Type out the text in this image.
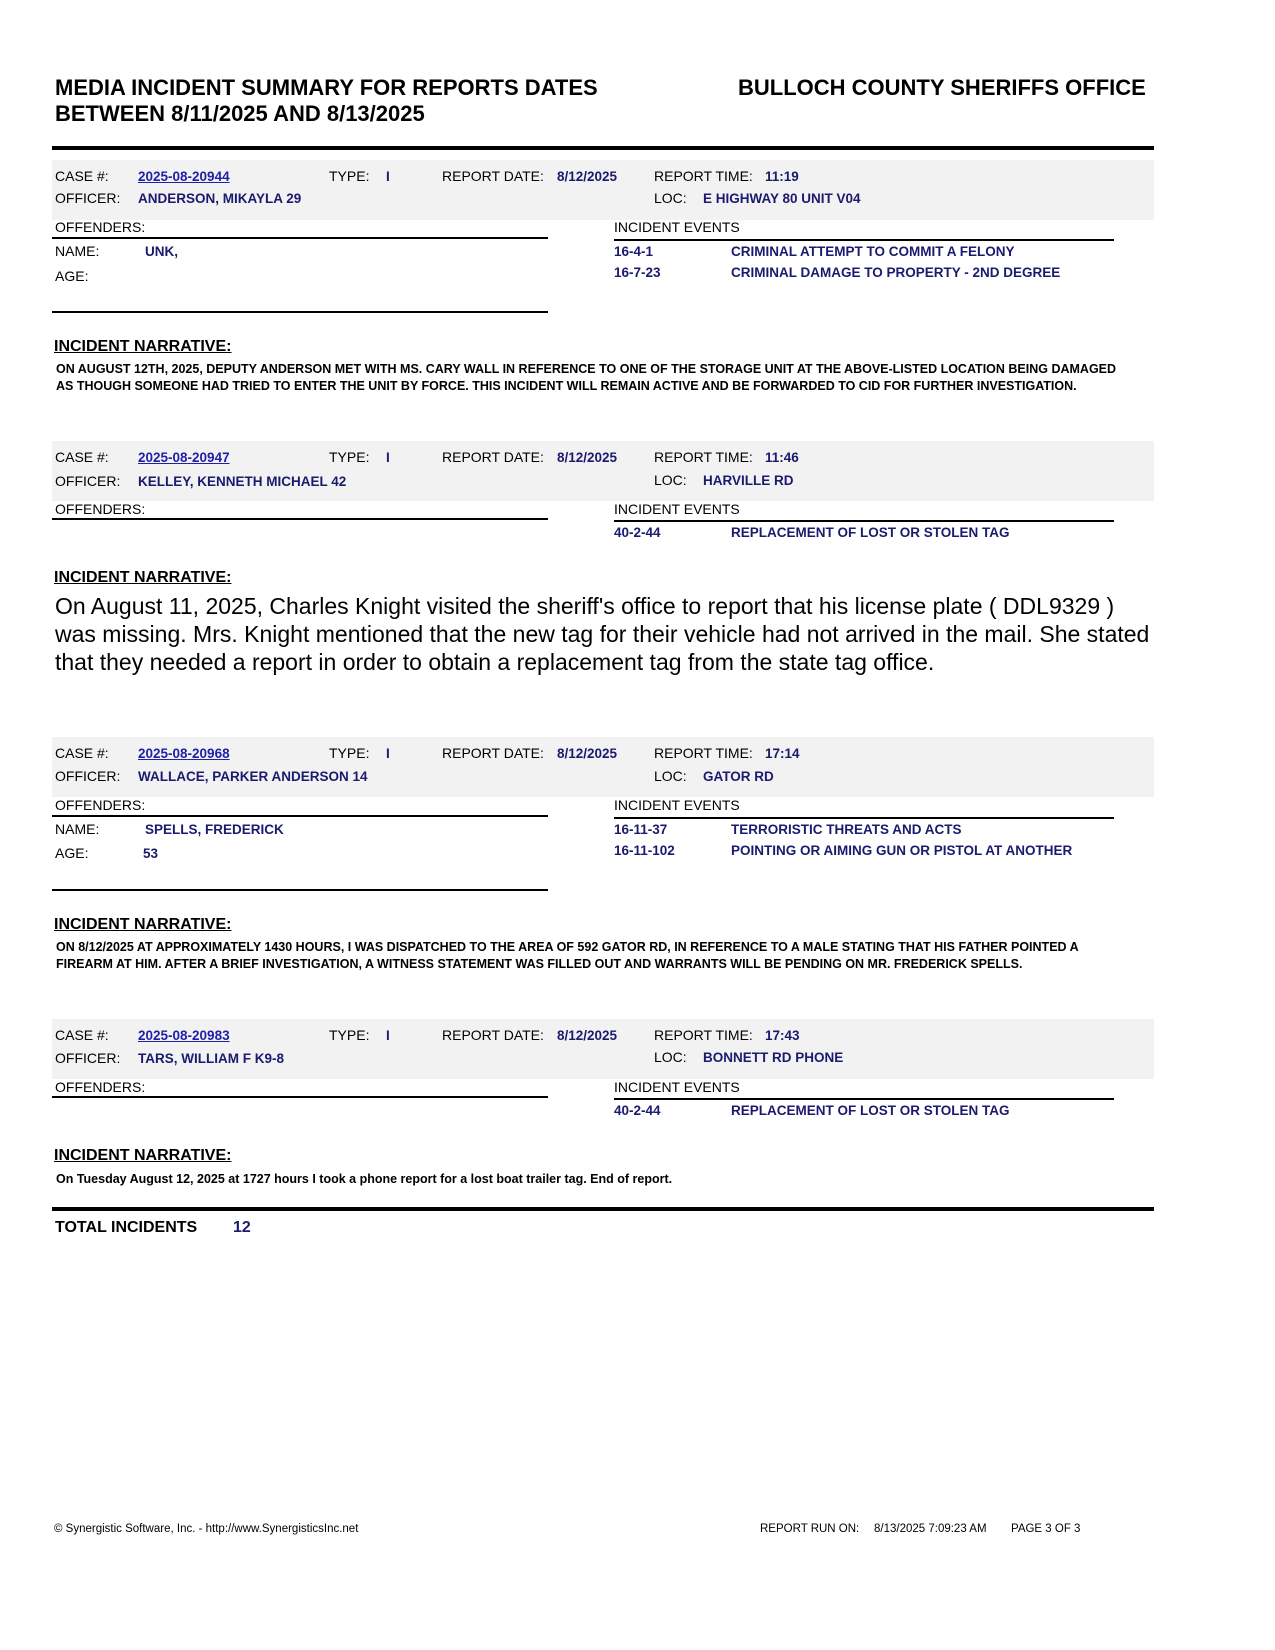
MEDIA INCIDENT SUMMARY FOR REPORTS DATES
BETWEEN 8/11/2025 AND 8/13/2025
BULLOCH COUNTY SHERIFFS OFFICE
CASE #: 2025-08-20944	TYPE: I	REPORT DATE: 8/12/2025	REPORT TIME: 11:19
OFFICER: ANDERSON, MIKAYLA 29	LOC: E HIGHWAY 80 UNIT V04
OFFENDERS:	INCIDENT EVENTS
NAME:	UNK,
AGE:
16-4-1	CRIMINAL ATTEMPT TO COMMIT A FELONY
16-7-23	CRIMINAL DAMAGE TO PROPERTY - 2ND DEGREE
INCIDENT NARRATIVE:
ON AUGUST 12TH, 2025, DEPUTY ANDERSON MET WITH MS. CARY WALL IN REFERENCE TO ONE OF THE STORAGE UNIT AT THE ABOVE-LISTED LOCATION BEING DAMAGED AS THOUGH SOMEONE HAD TRIED TO ENTER THE UNIT BY FORCE. THIS INCIDENT WILL REMAIN ACTIVE AND BE FORWARDED TO CID FOR FURTHER INVESTIGATION.
CASE #: 2025-08-20947	TYPE: I	REPORT DATE: 8/12/2025	REPORT TIME: 11:46
OFFICER: KELLEY, KENNETH MICHAEL 42	LOC: HARVILLE RD
OFFENDERS:	INCIDENT EVENTS
40-2-44	REPLACEMENT OF LOST OR STOLEN TAG
INCIDENT NARRATIVE:
On August 11, 2025, Charles Knight visited the sheriff's office to report that his license plate ( DDL9329 ) was missing. Mrs. Knight mentioned that the new tag for their vehicle had not arrived in the mail. She stated that they needed a report in order to obtain a replacement tag from the state tag office.
CASE #: 2025-08-20968	TYPE: I	REPORT DATE: 8/12/2025	REPORT TIME: 17:14
OFFICER: WALLACE, PARKER ANDERSON 14	LOC: GATOR RD
OFFENDERS:	INCIDENT EVENTS
NAME:	SPELLS, FREDERICK
AGE:	53
16-11-37	TERRORISTIC THREATS AND ACTS
16-11-102	POINTING OR AIMING GUN OR PISTOL AT ANOTHER
INCIDENT NARRATIVE:
ON 8/12/2025 AT APPROXIMATELY 1430 HOURS, I WAS DISPATCHED TO THE AREA OF 592 GATOR RD, IN REFERENCE TO A MALE STATING THAT HIS FATHER POINTED A FIREARM AT HIM. AFTER A BRIEF INVESTIGATION, A WITNESS STATEMENT WAS FILLED OUT AND WARRANTS WILL BE PENDING ON MR. FREDERICK SPELLS.
CASE #: 2025-08-20983	TYPE: I	REPORT DATE: 8/12/2025	REPORT TIME: 17:43
OFFICER: TARS, WILLIAM F K9-8	LOC: BONNETT RD PHONE
OFFENDERS:	INCIDENT EVENTS
40-2-44	REPLACEMENT OF LOST OR STOLEN TAG
INCIDENT NARRATIVE:
On Tuesday August 12, 2025 at 1727 hours I took a phone report for a lost boat trailer tag. End of report.
TOTAL INCIDENTS 12
© Synergistic Software, Inc. - http://www.SynergisticsInc.net	REPORT RUN ON: 8/13/2025 7:09:23 AM PAGE 3 OF 3
